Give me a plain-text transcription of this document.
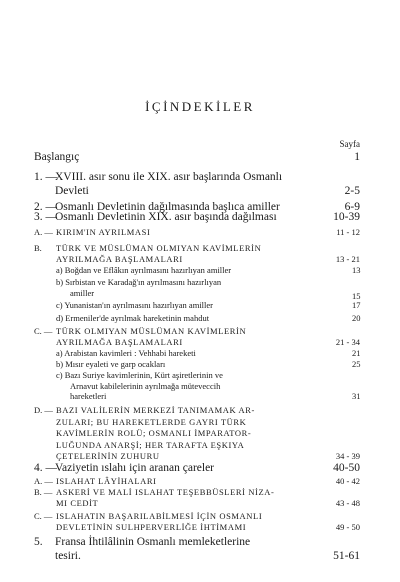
İÇİNDEKİLER
Sayfa
Başlangıç	1
1. —
XVIII. asır sonu ile XIX. asır başlarında Osmanlı
Devleti	2-5
2. —
Osmanlı Devletinin dağılmasında başlıca amiller	6-9
3. —
Osmanlı Devletinin XIX. asır başında dağılması	10-39
A. — KIRIM'IN AYRILMASI	11 - 12
B. TÜRK VE MÜSLÜMAN OLMIYAN KAVİMLERİN
AYRILMAĞA BAŞLAMALARI	13 - 21
a) Boğdan ve Eflâkın ayrılmasını hazırlıyan amiller	13
b) Sırbistan ve Karadağ'ın ayrılmasını hazırlıyan
amiller	15
c) Yunanistan'ın ayrılmasını hazırlıyan amiller	17
d) Ermeniler'de ayrılmak hareketinin mahdut	20
C. — TÜRK OLMIYAN MÜSLÜMAN KAVİMLERİN
AYRILMAĞA BAŞLAMALARI	21 - 34
a) Arabistan kavimleri : Vehhabi hareketi	21
b) Mısır eyaleti ve garp ocakları	25
c) Bazı Suriye kavimlerinin, Kürt aşiretlerinin ve
Arnavut kabilelerinin ayrılmağa müteveccih
hareketleri	31
D. — BAZI VALİLERİN MERKEZİ TANIMAMAK AR-
ZULARI; BU HAREKETLERDE GAYRI TÜRK
KAVİMLERİN ROLÜ; OSMANLI İMPARATOR-
LUĞUNDA ANARŞİ; HER TARAFTA EŞKIYA
ÇETELERİNİN ZUHURU	34 - 39
4. —
Vaziyetin ıslahı için aranan çareler	40-50
A. — ISLAHAT LÂYİHALARI	40 - 42
B. — ASKERİ VE MALİ ISLAHAT TEŞEBBÜSLERİ NİZA-
MI CEDİT	43 - 48
C. — ISLAHATIN BAŞARILABİLMESİ İÇİN OSMANLI
DEVLETİNİN SULHPERVERLİĞE İHTİMAMI	49 - 50
5. Fransa İhtilâlinin Osmanlı memleketlerine
tesiri.	51-61
